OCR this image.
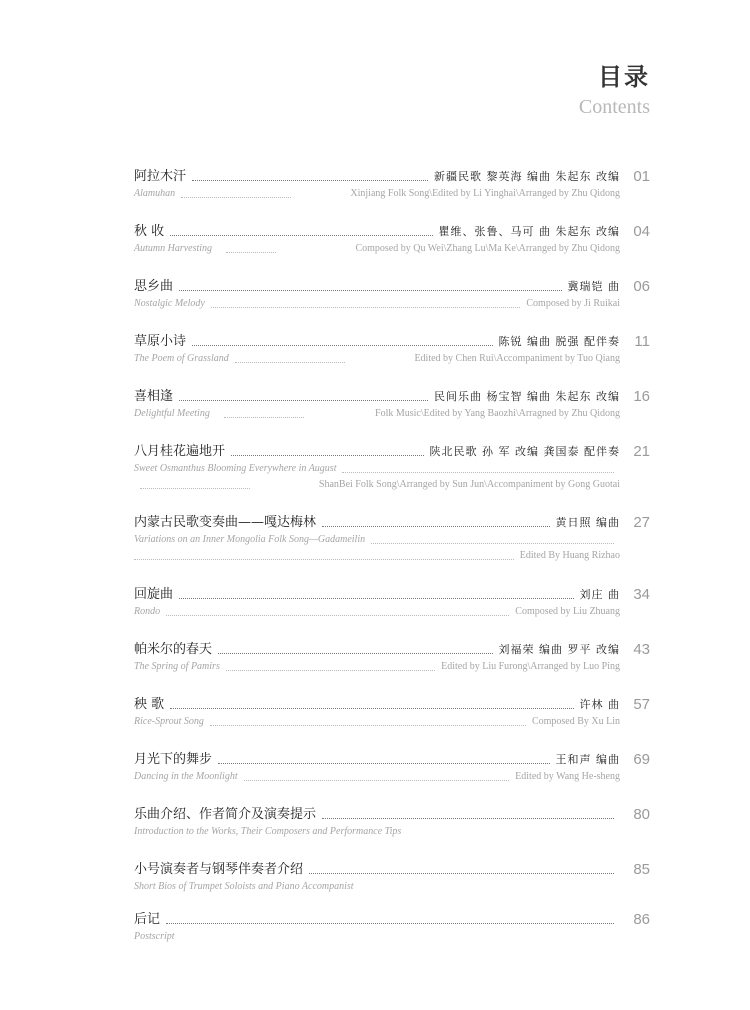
目录
Contents
阿拉木汗	新疆民歌 黎英海 编曲 朱起东 改编 01
Alamuhan	Xinjiang Folk Song\Edited by Li Yinghai\Arranged by Zhu Qidong
秋 收	瞿维、张鲁、马可 曲 朱起东 改编 04
Autumn Harvesting	Composed by Qu Wei\Zhang Lu\Ma Ke\Arranged by Zhu Qidong
思乡曲	冀瑞铠 曲 06
Nostalgic Melody	Composed by Ji Ruikai
草原小诗	陈锐 编曲 脱强 配伴奏 11
The Poem of Grassland	Edited by Chen Rui\Accompaniment by Tuo Qiang
喜相逢	民间乐曲 杨宝智 编曲 朱起东 改编 16
Delightful Meeting	Folk Music\Edited by Yang Baozhi\Arragned by Zhu Qidong
八月桂花遍地开	陕北民歌 孙 军 改编 龚国泰 配伴奏 21
Sweet Osmanthus Blooming Everywhere in August
ShanBei Folk Song\Arranged by Sun Jun\Accompaniment by Gong Guotai
内蒙古民歌变奏曲——嘎达梅林	黄日照 编曲 27
Variations on an Inner Mongolia Folk Song—Gadameilin
Edited By Huang Rizhao
回旋曲	刘庄 曲 34
Rondo	Composed by Liu Zhuang
帕米尔的春天	刘福荣 编曲 罗平 改编 43
The Spring of Pamirs	Edited by Liu Furong\Arranged by Luo Ping
秧 歌	许林 曲 57
Rice-Sprout Song	Composed By Xu Lin
月光下的舞步	王和声 编曲 69
Dancing in the Moonlight	Edited by Wang He-sheng
乐曲介绍、作者简介及演奏提示	80
Introduction to the Works, Their Composers and Performance Tips
小号演奏者与钢琴伴奏者介绍	85
Short Bios of Trumpet Soloists and Piano Accompanist
后记	86
Postscript
